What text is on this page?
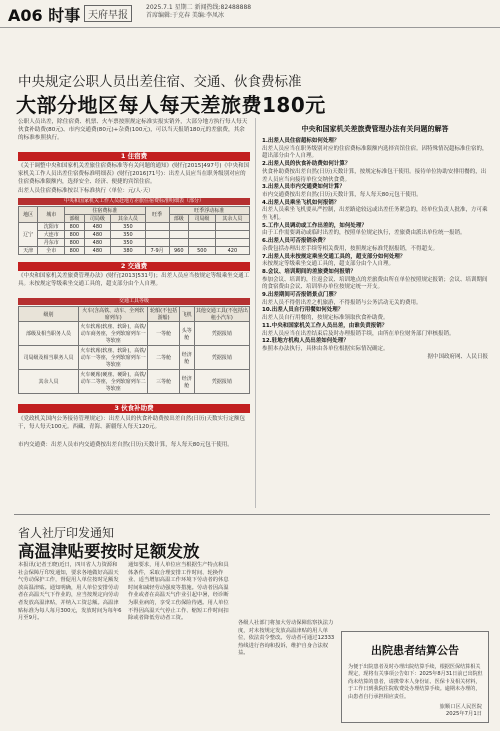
A06 时事 天府早报
2025.7.1 星期二 新闻热线:82488888
首席编辑:于克春 美编:李凤冰
中央规定公职人员出差住宿、交通、伙食费标准
大部分地区每人每天差旅费180元
公职人员出差，除住宿费、机票、火车票按照规定标准实报实销外，大部分地方执行每人每天伙食补助费(80元)、市内交通费(80元)+杂费(100元)，可以当天报销180元的差旅费，其余的标准参照执行。
1 住宿费
《关于调整中央和国家机关差旅住宿费标准等有关问题的通知》(财行[2015]497号)《中央和国家机关工作人员出差住宿费标准明细表》(财行[2016]71号)：出差人员应当在职务级别对应的住宿费标准限额内，选择安全、经济、便捷的宾馆住宿。
出差人员住宿费标准按以下标准执行（单位：元/人·天）
中央和国家机关工作人员赴地方差旅住宿费标准明细表（部分）
地区	城市	住宿费标准			旺季	旺季浮动标准		
		部级	司局级	其余人员		部级	司局级	其余人员
辽宁	沈阳市	800	480	350				
	大连市	800	480	350				
	丹东市	800	480	350				
天津	全市	800	480	380	7-9月	960	500	420
2 交通费
《中央和国家机关差旅费管理办法》(财行[2013]531号)；出差人员应当按规定等级乘坐交通工具。未按规定等级乘坐交通工具的，超支部分由个人自理。
交通工具等级
级别	火车(含高铁、动车、全列软席列车)	轮船(不包括游船)	飞机	其他交通工具(不包括出租小汽车)
部级及相当职务人员	火车软席(软座、软卧)，高铁/动车商务座，全列软席列车一等软座	一等舱	头等舱	凭据报销
司局级及相当职务人员	火车软席(软座、软卧)，高铁/动车一等座，全列软席列车一等软座	二等舱	经济舱	凭据报销
其余人员	火车硬席(硬座、硬卧)，高铁/动车二等座，全列软席列车二等软座	三等舱	经济舱	凭据报销
3 伙食补助费
《党政机关国内公务接待管理规定》：出差人员的伙食补助费按出差自然(日历)天数实行定额包干，每人每天100元。西藏、青海、新疆每人每天120元。
市内交通费：出差人员市内交通费按出差自然(日历)天数计算，每人每天80元包干使用。
中央和国家机关差旅费管理办法有关问题的解答
1.出差人员住宿超标如何处理？
出差人员应当在职务级别对应的住宿费标准限额内选择宾馆住宿。因特殊情况超标准住宿的，超出部分由个人自理。
2.出差人员的伙食补助费如何计算？
伙食补助费按出差自然(日历)天数计算，按规定标准包干使用。接待单位协助安排用餐的，出差人员应当向接待单位交纳伙食费。
3.出差人员市内交通费如何计算？
市内交通费按出差自然(日历)天数计算，每人每天80元包干使用。
4.出差人员乘坐飞机如何报销？
出差人员乘坐飞机要从严控制，出差路途较远或出差任务紧急的，经单位负责人批准，方可乘坐飞机。
5.工作人员调动或工作出差的，如何处理？
由于工作需要调动或临时出差的，按照单位规定执行，差旅费由派出单位统一报销。
6.出差人员可否报销杂费？
杂费包括办理出差手续等相关费用，按照规定标准凭据报销，不得超支。
7.出差人员未按规定乘坐交通工具的，超支部分如何处理？
未按规定等级乘坐交通工具的，超支部分由个人自理。
8.会议、培训期间的差旅费如何报销？
参加会议、培训的，往返会议、培训地点的差旅费由所在单位按照规定报销；会议、培训期间的食宿费由会议、培训举办单位按规定统一开支。
9.出差期间可否报销景点门票？
出差人员不得借出差之机旅游，不得报销与公务活动无关的费用。
10.出差人员自行用餐如何处理？
出差人员自行用餐的，按规定标准领取伙食补助费。
11.中央和国家机关工作人员出差，由谁负责报销？
出差人员应当在出差结束后及时办理报销手续，由所在单位财务部门审核报销。
12.驻地方机构人员出差如何处理？
参照本办法执行，具体由各单位根据实际情况确定。
据中国政府网、人民日报
省人社厅印发通知
高温津贴要按时足额发放
本报讯(记者王晓)近日，四川省人力资源和社会保障厅印发通知，要求各地做好高温天气劳动保护工作，督促用人单位按时足额发放高温津贴。通知明确，用人单位安排劳动者在高温天气下作业的，应当按规定向劳动者发放高温津贴，并纳入工资总额。高温津贴标准为每人每月300元，发放时间为每年6月至9月。
通知要求，用人单位应当根据生产特点和具体条件，采取合理安排工作时间、轮换作业、适当增加高温工作环境下劳动者的休息时间和减轻劳动强度等措施。劳动者因高温作业或者在高温天气作业引起中暑，经诊断为职业病的，享受工伤保险待遇。用人单位不得因高温天气停止工作、缩短工作时间扣除或者降低劳动者工资。
各级人社部门将加大劳动保障监察执法力度，对未按规定发放高温津贴的用人单位，依法责令整改。劳动者可通过12333热线进行咨询和投诉，维护自身合法权益。	出院患者结算公告
为便于出院患者及时办理出院结算手续，根据医保结算相关规定，现将有关事项公告如下：2025年8月31日前已出院但尚未结算的患者，请携带本人身份证、医保卡及相关材料，于工作日到我院住院收费处办理结算手续。逾期未办理的，由患者自行承担相应责任。
旅顺口区人民医院
2025年7月1日
